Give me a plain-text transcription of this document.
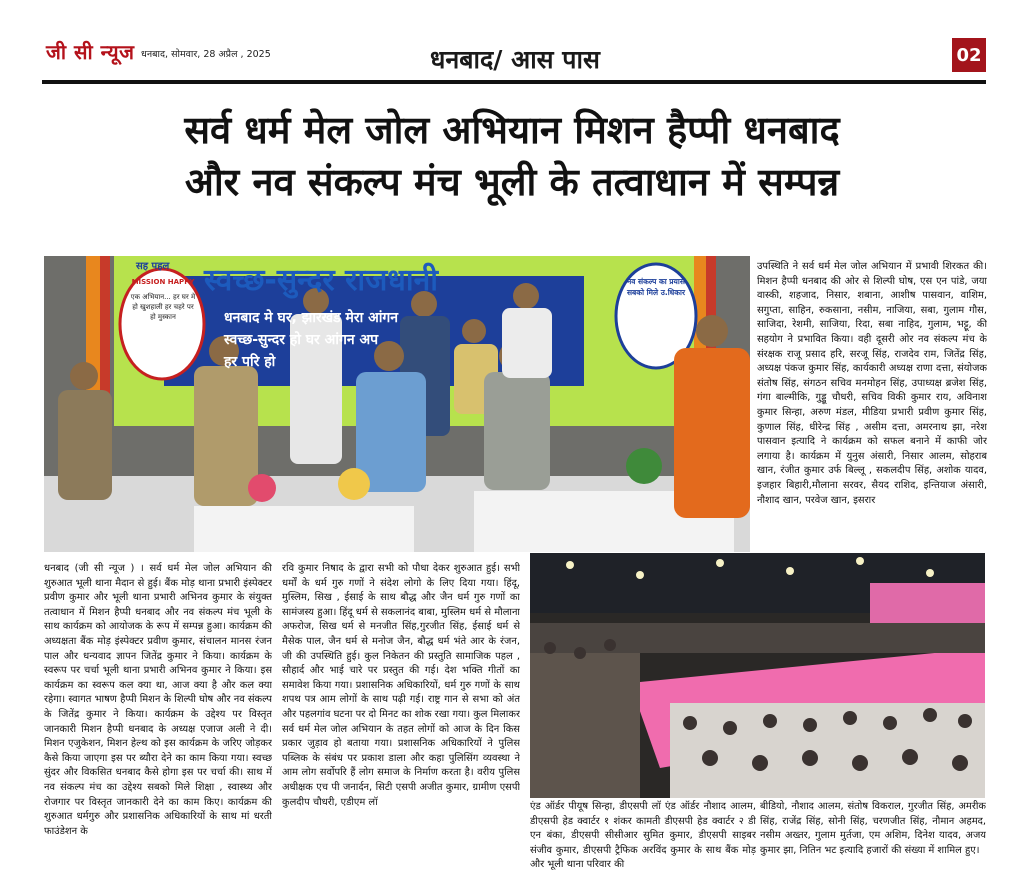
जी सी न्यूज धनबाद, सोमवार, 28 अप्रैल , 2025	धनबाद/ आस पास	02
सर्व धर्म मेल जोल अभियान मिशन हैप्पी धनबाद
और नव संकल्प मंच भूली के तत्वाधान में सम्पन्न
स्वच्छ-सुन्दर राजधानी
सह पहल
धनबाद मे घर, झारखंड मेरा आंगन
स्वच्छ-सुन्दर हो घर आंगन अप
हर परि हो
MISSION HAPPY
एक अभियान... हर घर मे हो खुशहाली हर चहरे पर हो मुस्कान
नव संकल्प का प्रयास सबको मिले उ.धिकार

उपस्थिति ने सर्व धर्म मेल जोल अभियान में प्रभावी शिरकत की। मिशन हैप्पी धनबाद की ओर से शिल्पी घोष, एस एन पांडे, जया वास्की, शहजाद, निसार, शबाना, आशीष पासवान, वाशिम, सगुप्ता, साहिन, रुकसाना, नसीम, नाजिया, सबा, गुलाम गौस, साजिदा, रेशमी, साजिया, रिदा, सबा नाहिद, गुलाम, भट्टू, की सहयोग ने प्रभावित किया। वही दूसरी ओर नव संकल्प मंच के संरक्षक राजू प्रसाद हरि, सरजू सिंह, राजदेव राम, जितेंद्र सिंह, अध्यक्ष पंकज कुमार सिंह, कार्यकारी अध्यक्ष राणा दत्ता, संयोजक संतोष सिंह, संगठन सचिव मनमोहन सिंह, उपाध्यक्ष ब्रजेश सिंह, गंगा बाल्मीकि, गुड्डू चौधरी, सचिव विकी कुमार राय, अविनाश कुमार सिन्हा, अरुण मंडल, मीडिया प्रभारी प्रवीण कुमार सिंह, कुणाल सिंह, धीरेन्द्र सिंह , असीम दत्ता, अमरनाथ झा, नरेश पासवान इत्यादि ने कार्यक्रम को सफल बनाने में काफी जोर लगाया है। कार्यक्रम में युनुस अंसारी, निसार आलम, सोहराब खान, रंजीत कुमार उर्फ बिल्लू , सकलदीप सिंह, अशोक यादव, इजहार बिहारी,मौलाना सरवर, सैयद राशिद, इन्तियाज अंसारी, नौशाद खान, परवेज खान, इसरार

धनबाद (जी सी न्यूज ) । सर्व धर्म मेल जोल अभियान की शुरुआत भूली थाना मैदान से हुई। बैंक मोड़ थाना प्रभारी इंस्पेक्टर प्रवीण कुमार और भूली थाना प्रभारी अभिनव कुमार के संयुक्त तत्वाधान में मिशन हैप्पी धनबाद और नव संकल्प मंच भूली के साथ कार्यक्रम को आयोजक के रूप में सम्पन्न हुआ। कार्यक्रम की अध्यक्षता बैंक मोड़ इंस्पेक्टर प्रवीण कुमार, संचालन मानस रंजन पाल और धन्यवाद ज्ञापन जितेंद्र कुमार ने किया। कार्यक्रम के स्वरूप पर चर्चा भूली थाना प्रभारी अभिनव कुमार ने किया। इस कार्यक्रम का स्वरूप कल क्या था, आज क्या है और कल क्या रहेगा। स्वागत भाषण हैप्पी मिशन के शिल्पी घोष और नव संकल्प के जितेंद्र कुमार ने किया। कार्यक्रम के उद्देश्य पर विस्तृत जानकारी मिशन हैप्पी धनबाद के अध्यक्ष एजाज अली ने दी। मिशन एजुकेशन, मिशन हेल्थ को इस कार्यक्रम के जरिए जोड़कर कैसे किया जाएगा इस पर ब्यौरा देने का काम किया गया। स्वच्छ सुंदर और विकसित धनबाद कैसे होगा इस पर चर्चा की। साथ में नव संकल्प मंच का उद्देश्य सबको मिले शिक्षा , स्वास्थ्य और रोजगार पर विस्तृत जानकारी देने का काम किए। कार्यक्रम की शुरुआत धर्मगुरु और प्रशासनिक अधिकारियों के साथ मां धरती फाउंडेशन के

रवि कुमार निषाद के द्वारा सभी को पौधा देकर शुरुआत हुई। सभी धर्मों के धर्म गुरु गणों ने संदेश लोगो के लिए दिया गया। हिंदू, मुस्लिम, सिख , ईसाई के साथ बौद्ध और जैन धर्म गुरु गणों का सामंजस्य हुआ। हिंदू धर्म से सकलानंद बाबा, मुस्लिम धर्म से मौलाना अफरोज, सिख धर्म से मनजीत सिंह,गुरजीत सिंह, ईसाई धर्म से मैसेक पाल, जैन धर्म से मनोज जैन, बौद्ध धर्म भंते आर के रंजन, जी की उपस्थिति हुई। कुल निकेतन की प्रस्तुति सामाजिक पहल , सौहार्द और भाई चारे पर प्रस्तुत की गई। देश भक्ति गीतों का समावेश किया गया। प्रशासनिक अधिकारियों, धर्म गुरु गणों के साथ शपथ पत्र आम लोगों के साथ पढ़ी गई। राष्ट्र गान से सभा को अंत और पहलगांव घटना पर दो मिनट का शोक रखा गया। कुल मिलाकर सर्व धर्म मेल जोल अभियान के तहत लोगों को आज के दिन किस प्रकार जुड़ाव हो बताया गया। प्रशासनिक अधिकारियों ने पुलिस पब्लिक के संबंध पर प्रकाश डाला और कहा पुलिसिंग व्यवस्था ने आम लोग सर्वोपरि हैं लोग समाज के निर्माण करता है। वरीय पुलिस अधीक्षक एच पी जनार्दन, सिटी एसपी अजीत कुमार, ग्रामीण एसपी कुलदीप चौधरी, एडीएम लॉ	एंड ऑर्डर पीयूष सिन्हा, डीएसपी लॉ एंड ऑर्डर नौशाद आलम, डीएसपी हेड क्वार्टर १ शंकर कामती डीएसपी हेड क्वार्टर २ डी एन बंका, डीएसपी सीसीआर सुमित कुमार, डीएसपी साइबर संजीव कुमार, डीएसपी ट्रैफिक अरविंद कुमार के साथ बैंक मोड़ और भूली थाना परिवार की

बीडियो, नौशाद आलम, संतोष विकराल, गुरजीत सिंह, अमरीक सिंह, राजेंद्र सिंह, सोनी सिंह, चरणजीत सिंह, नौमान अहमद, नसीम अख्तर, गुलाम मुर्तजा, एम अशिम, दिनेश यादव, अजय कुमार झा, नितिन भट इत्यादि हजारों की संख्या में शामिल हुए।
